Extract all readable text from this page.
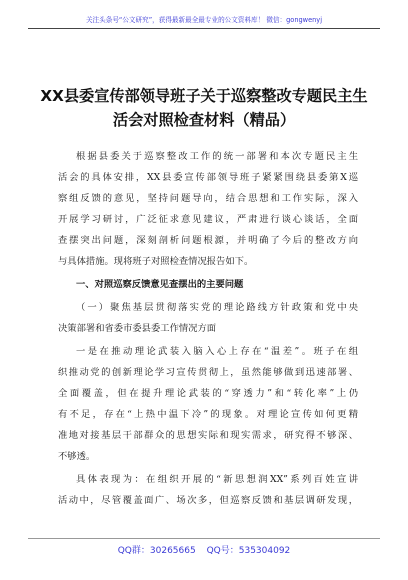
关注头条号“公文研究”，获得最新最全最专业的公文资料库！ 微信：gongwenyj
XX县委宣传部领导班子关于巡察整改专题民主生
活会对照检查材料（精品）
根据县委关于巡察整改工作的统一部署和本次专题民主生
活会的具体安排，XX县委宣传部领导班子紧紧围绕县委第X巡
察组反馈的意见，坚持问题导向，结合思想和工作实际，深入
开展学习研讨，广泛征求意见建议，严肃进行谈心谈话，全面
查摆突出问题，深刻剖析问题根源，并明确了今后的整改方向
与具体措施。现将班子对照检查情况报告如下。
一、对照巡察反馈意见查摆出的主要问题
（一）聚焦基层贯彻落实党的理论路线方针政策和党中央
决策部署和省委市委县委工作情况方面
一是在推动理论武装入脑入心上存在“温差”。班子在组
织推动党的创新理论学习宣传贯彻上，虽然能够做到迅速部署、
全面覆盖，但在提升理论武装的“穿透力”和“转化率”上仍
有不足，存在“上热中温下冷”的现象。对理论宣传如何更精
准地对接基层干部群众的思想实际和现实需求，研究得不够深、
不够透。
具体表现为：在组织开展的“新思想润XX”系列百姓宣讲
活动中，尽管覆盖面广、场次多，但巡察反馈和基层调研发现，
QQ群：30265665 QQ号：535304092
